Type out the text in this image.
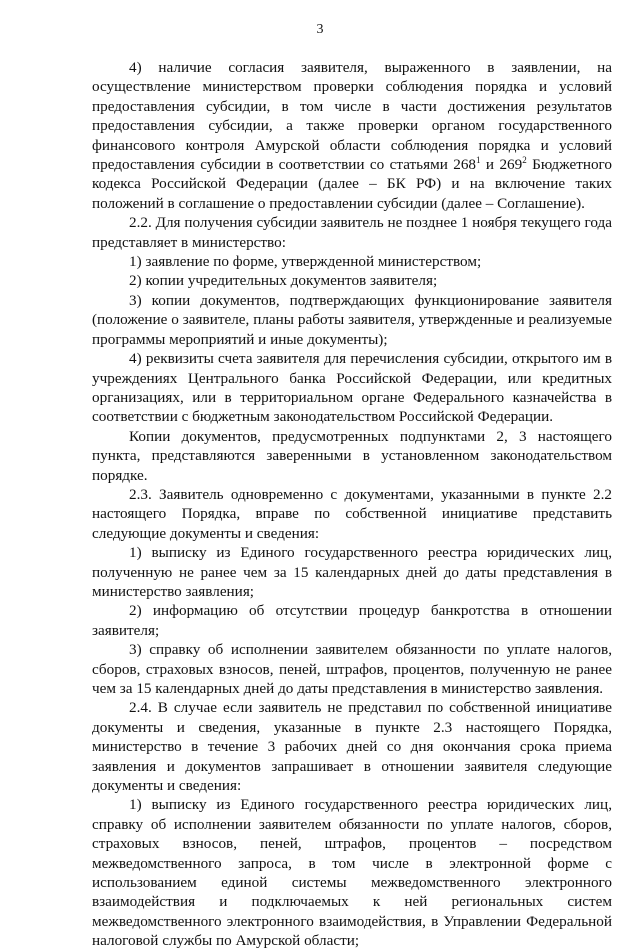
3

4) наличие согласия заявителя, выраженного в заявлении, на осуществление министерством проверки соблюдения порядка и условий предоставления субсидии, в том числе в части достижения результатов предоставления субсидии, а также проверки органом государственного финансового контроля Амурской области соблюдения порядка и условий предоставления субсидии в соответствии со статьями $268^1$ и $269^2$ Бюджетного кодекса Российской Федерации (далее – БК РФ) и на включение таких положений в соглашение о предоставлении субсидии (далее – Соглашение).

2.2. Для получения субсидии заявитель не позднее 1 ноября текущего года представляет в министерство:

1) заявление по форме, утвержденной министерством;

2) копии учредительных документов заявителя;

3) копии документов, подтверждающих функционирование заявителя (положение о заявителе, планы работы заявителя, утвержденные и реализуемые программы мероприятий и иные документы);

4) реквизиты счета заявителя для перечисления субсидии, открытого им в учреждениях Центрального банка Российской Федерации, или кредитных организациях, или в территориальном органе Федерального казначейства в соответствии с бюджетным законодательством Российской Федерации.

Копии документов, предусмотренных подпунктами 2, 3 настоящего пункта, представляются заверенными в установленном законодательством порядке.

2.3. Заявитель одновременно с документами, указанными в пункте 2.2 настоящего Порядка, вправе по собственной инициативе представить следующие документы и сведения:

1) выписку из Единого государственного реестра юридических лиц, полученную не ранее чем за 15 календарных дней до даты представления в министерство заявления;

2) информацию об отсутствии процедур банкротства в отношении заявителя;

3) справку об исполнении заявителем обязанности по уплате налогов, сборов, страховых взносов, пеней, штрафов, процентов, полученную не ранее чем за 15 календарных дней до даты представления в министерство заявления.

2.4. В случае если заявитель не представил по собственной инициативе документы и сведения, указанные в пункте 2.3 настоящего Порядка, министерство в течение 3 рабочих дней со дня окончания срока приема заявления и документов запрашивает в отношении заявителя следующие документы и сведения:

1) выписку из Единого государственного реестра юридических лиц, справку об исполнении заявителем обязанности по уплате налогов, сборов, страховых взносов, пеней, штрафов, процентов – посредством межведомственного запроса, в том числе в электронной форме с использованием единой системы межведомственного электронного взаимодействия и подключаемых к ней региональных систем межведомственного электронного взаимодействия, в Управлении Федеральной налоговой службы по Амурской области;
